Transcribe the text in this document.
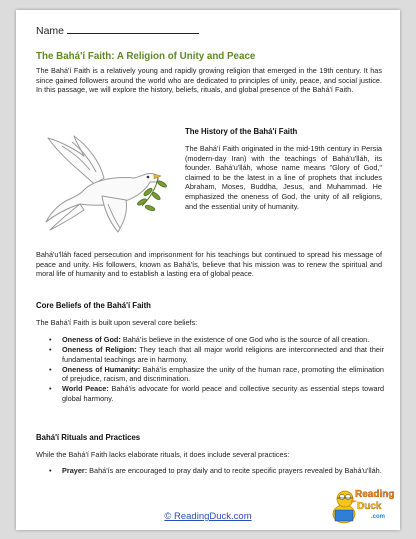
Name
The Bahá'í Faith: A Religion of Unity and Peace
The Bahá'í Faith is a relatively young and rapidly growing religion that emerged in the 19th century. It has since gained followers around the world who are dedicated to principles of unity, peace, and social justice. In this passage, we will explore the history, beliefs, rituals, and global presence of the Bahá'í Faith.
The History of the Bahá'í Faith
The Bahá'í Faith originated in the mid-19th century in Persia (modern-day Iran) with the teachings of Bahá'u'lláh, its founder. Bahá'u'lláh, whose name means "Glory of God," claimed to be the latest in a line of prophets that includes Abraham, Moses, Buddha, Jesus, and Muhammad. He emphasized the oneness of God, the unity of all religions, and the essential unity of humanity.
Bahá'u'lláh faced persecution and imprisonment for his teachings but continued to spread his message of peace and unity. His followers, known as Bahá'ís, believe that his mission was to renew the spiritual and moral life of humanity and to establish a lasting era of global peace.
Core Beliefs of the Bahá'í Faith
The Bahá'í Faith is built upon several core beliefs:
• Oneness of God: Bahá'ís believe in the existence of one God who is the source of all creation.
• Oneness of Religion: They teach that all major world religions are interconnected and that their fundamental teachings are in harmony.
• Oneness of Humanity: Bahá'ís emphasize the unity of the human race, promoting the elimination of prejudice, racism, and discrimination.
• World Peace: Bahá'ís advocate for world peace and collective security as essential steps toward global harmony.
Bahá'í Rituals and Practices
While the Bahá'í Faith lacks elaborate rituals, it does include several practices:
• Prayer: Bahá'ís are encouraged to pray daily and to recite specific prayers revealed by Bahá'u'lláh.
© ReadingDuck.com
Reading
Duck
.com
